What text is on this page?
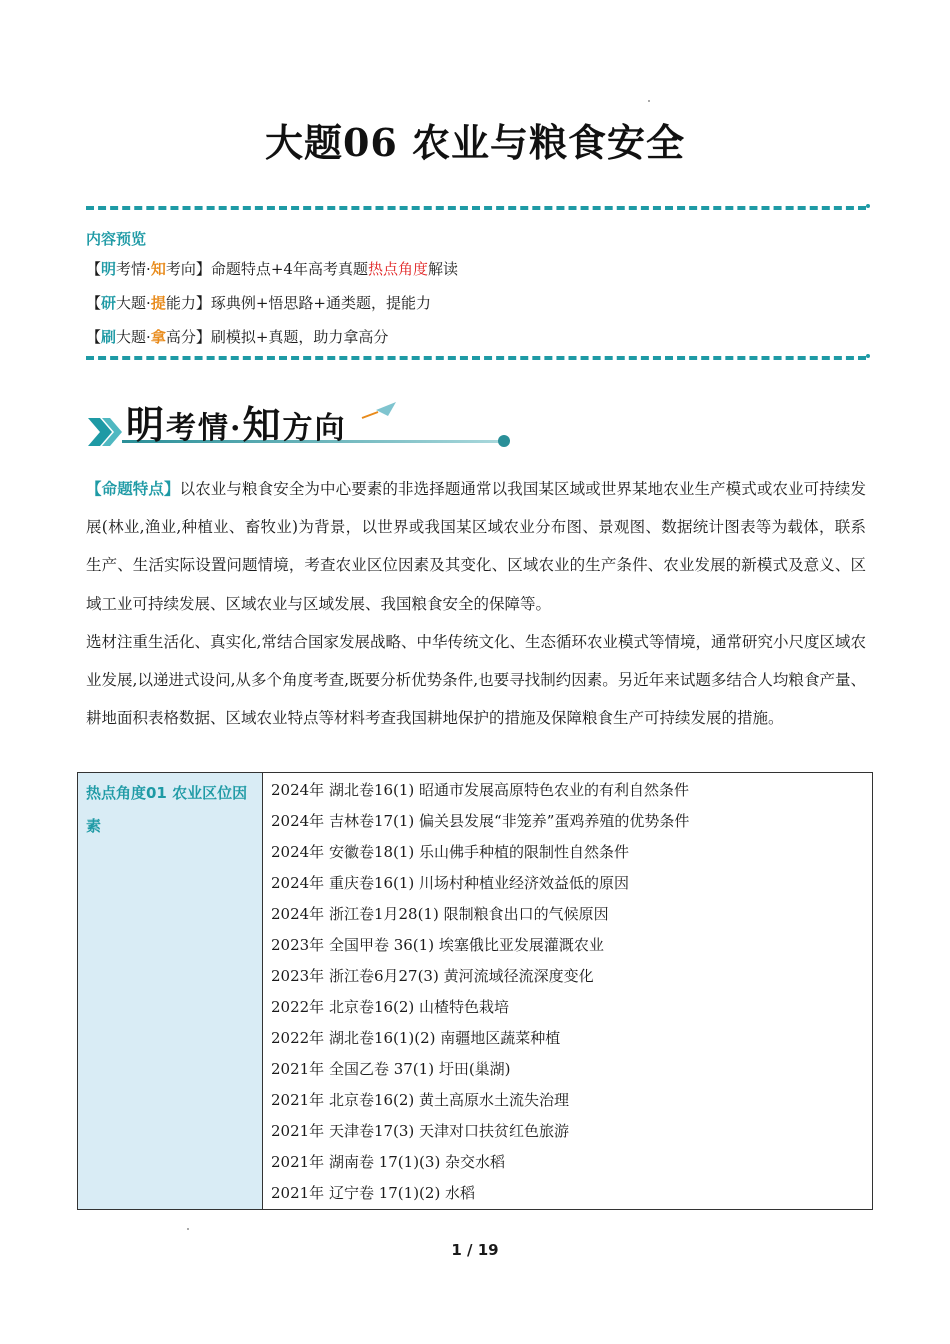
大题06 农业与粮食安全
内容预览
【明考情·知考向】命题特点+4年高考真题热点角度解读
【研大题·提能力】琢典例+悟思路+通类题，提能力
【刷大题·拿高分】刷模拟+真题，助力拿高分
明考情·知方向

【命题特点】以农业与粮食安全为中心要素的非选择题通常以我国某区域或世界某地农业生产模式或农业可持续发展(林业,渔业,种植业、畜牧业)为背景，以世界或我国某区域农业分布图、景观图、数据统计图表等为载体，联系生产、生活实际设置问题情境，考查农业区位因素及其变化、区域农业的生产条件、农业发展的新模式及意义、区域工业可持续发展、区域农业与区域发展、我国粮食安全的保障等。

选材注重生活化、真实化,常结合国家发展战略、中华传统文化、生态循环农业模式等情境，通常研究小尺度区域农业发展,以递进式设问,从多个角度考查,既要分析优势条件,也要寻找制约因素。另近年来试题多结合人均粮食产量、耕地面积表格数据、区域农业特点等材料考查我国耕地保护的措施及保障粮食生产可持续发展的措施。

热点角度01 农业区位因素
2024年 湖北卷16(1) 昭通市发展高原特色农业的有利自然条件
2024年 吉林卷17(1) 偏关县发展“非笼养”蛋鸡养殖的优势条件
2024年 安徽卷18(1) 乐山佛手种植的限制性自然条件
2024年 重庆卷16(1) 川场村种植业经济效益低的原因
2024年 浙江卷1月28(1) 限制粮食出口的气候原因
2023年 全国甲卷 36(1) 埃塞俄比亚发展灌溉农业
2023年 浙江卷6月27(3) 黄河流域径流深度变化
2022年 北京卷16(2) 山楂特色栽培
2022年 湖北卷16(1)(2) 南疆地区蔬菜种植
2021年 全国乙卷 37(1) 圩田(巢湖)
2021年 北京卷16(2) 黄土高原水土流失治理
2021年 天津卷17(3) 天津对口扶贫红色旅游
2021年 湖南卷 17(1)(3) 杂交水稻
2021年 辽宁卷 17(1)(2) 水稻
1 / 19
